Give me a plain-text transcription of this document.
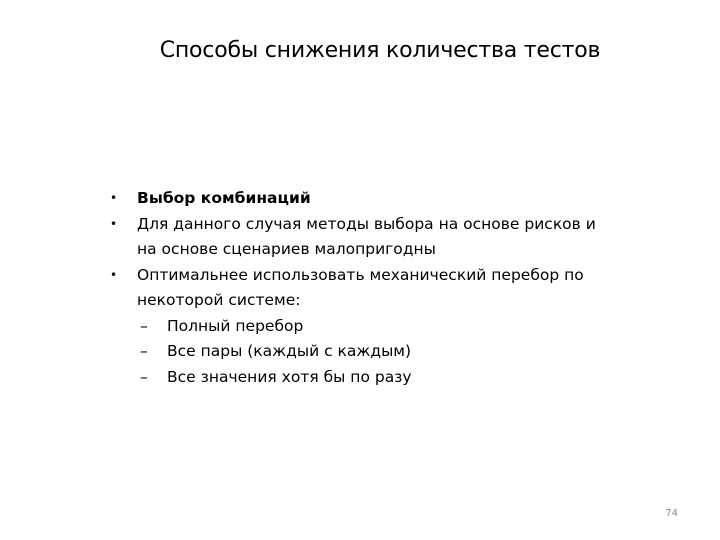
Способы снижения количества тестов
• Выбор комбинаций
• Для данного случая методы выбора на основе рисков и на основе сценариев малопригодны
• Оптимальнее использовать механический перебор по некоторой системе:
– Полный перебор
– Все пары (каждый с каждым)
– Все значения хотя бы по разу
74
